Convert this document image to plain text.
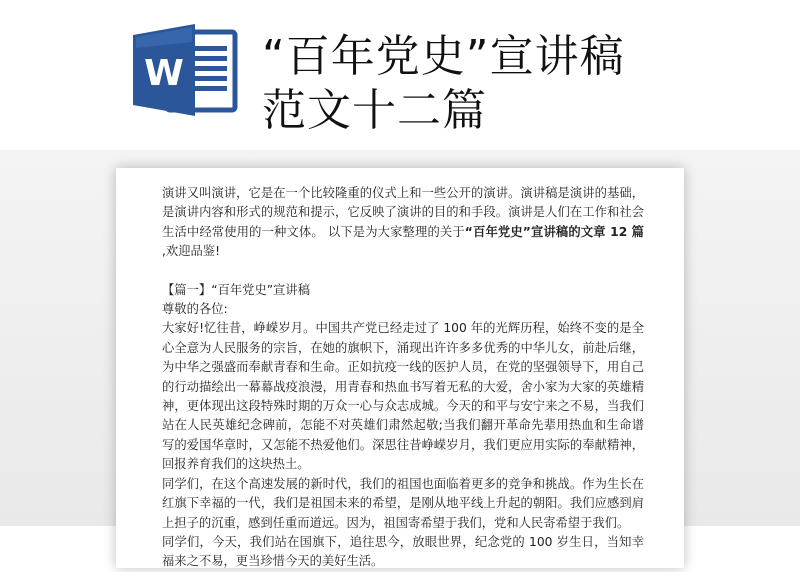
W “百年党史”宣讲稿
范文十二篇

演讲又叫演讲，它是在一个比较隆重的仪式上和一些公开的演讲。演讲稿是演讲的基础，是演讲内容和形式的规范和提示，它反映了演讲的目的和手段。演讲是人们在工作和社会生活中经常使用的一种文体。 以下是为大家整理的关于“百年党史”宣讲稿的文章 12 篇 ,欢迎品鉴!

【篇一】“百年党史”宣讲稿

尊敬的各位:

大家好!忆往昔，峥嵘岁月。中国共产党已经走过了 100 年的光辉历程，始终不变的是全心全意为人民服务的宗旨，在她的旗帜下，涌现出许许多多优秀的中华儿女，前赴后继，为中华之强盛而奉献青春和生命。正如抗疫一线的医护人员，在党的坚强领导下，用自己的行动描绘出一幕幕战疫浪漫，用青春和热血书写着无私的大爱，舍小家为大家的英雄精神，更体现出这段特殊时期的万众一心与众志成城。今天的和平与安宁来之不易，当我们站在人民英雄纪念碑前，怎能不对英雄们肃然起敬;当我们翻开革命先辈用热血和生命谱写的爱国华章时，又怎能不热爱他们。深思往昔峥嵘岁月，我们更应用实际的奉献精神，回报养育我们的这块热土。

同学们，在这个高速发展的新时代，我们的祖国也面临着更多的竞争和挑战。作为生长在红旗下幸福的一代，我们是祖国未来的希望，是刚从地平线上升起的朝阳。我们应感到肩上担子的沉重，感到任重而道远。因为，祖国寄希望于我们，党和人民寄希望于我们。

同学们，今天，我们站在国旗下，追往思今，放眼世界，纪念党的 100 岁生日，当知幸福来之不易，更当珍惜今天的美好生活。
